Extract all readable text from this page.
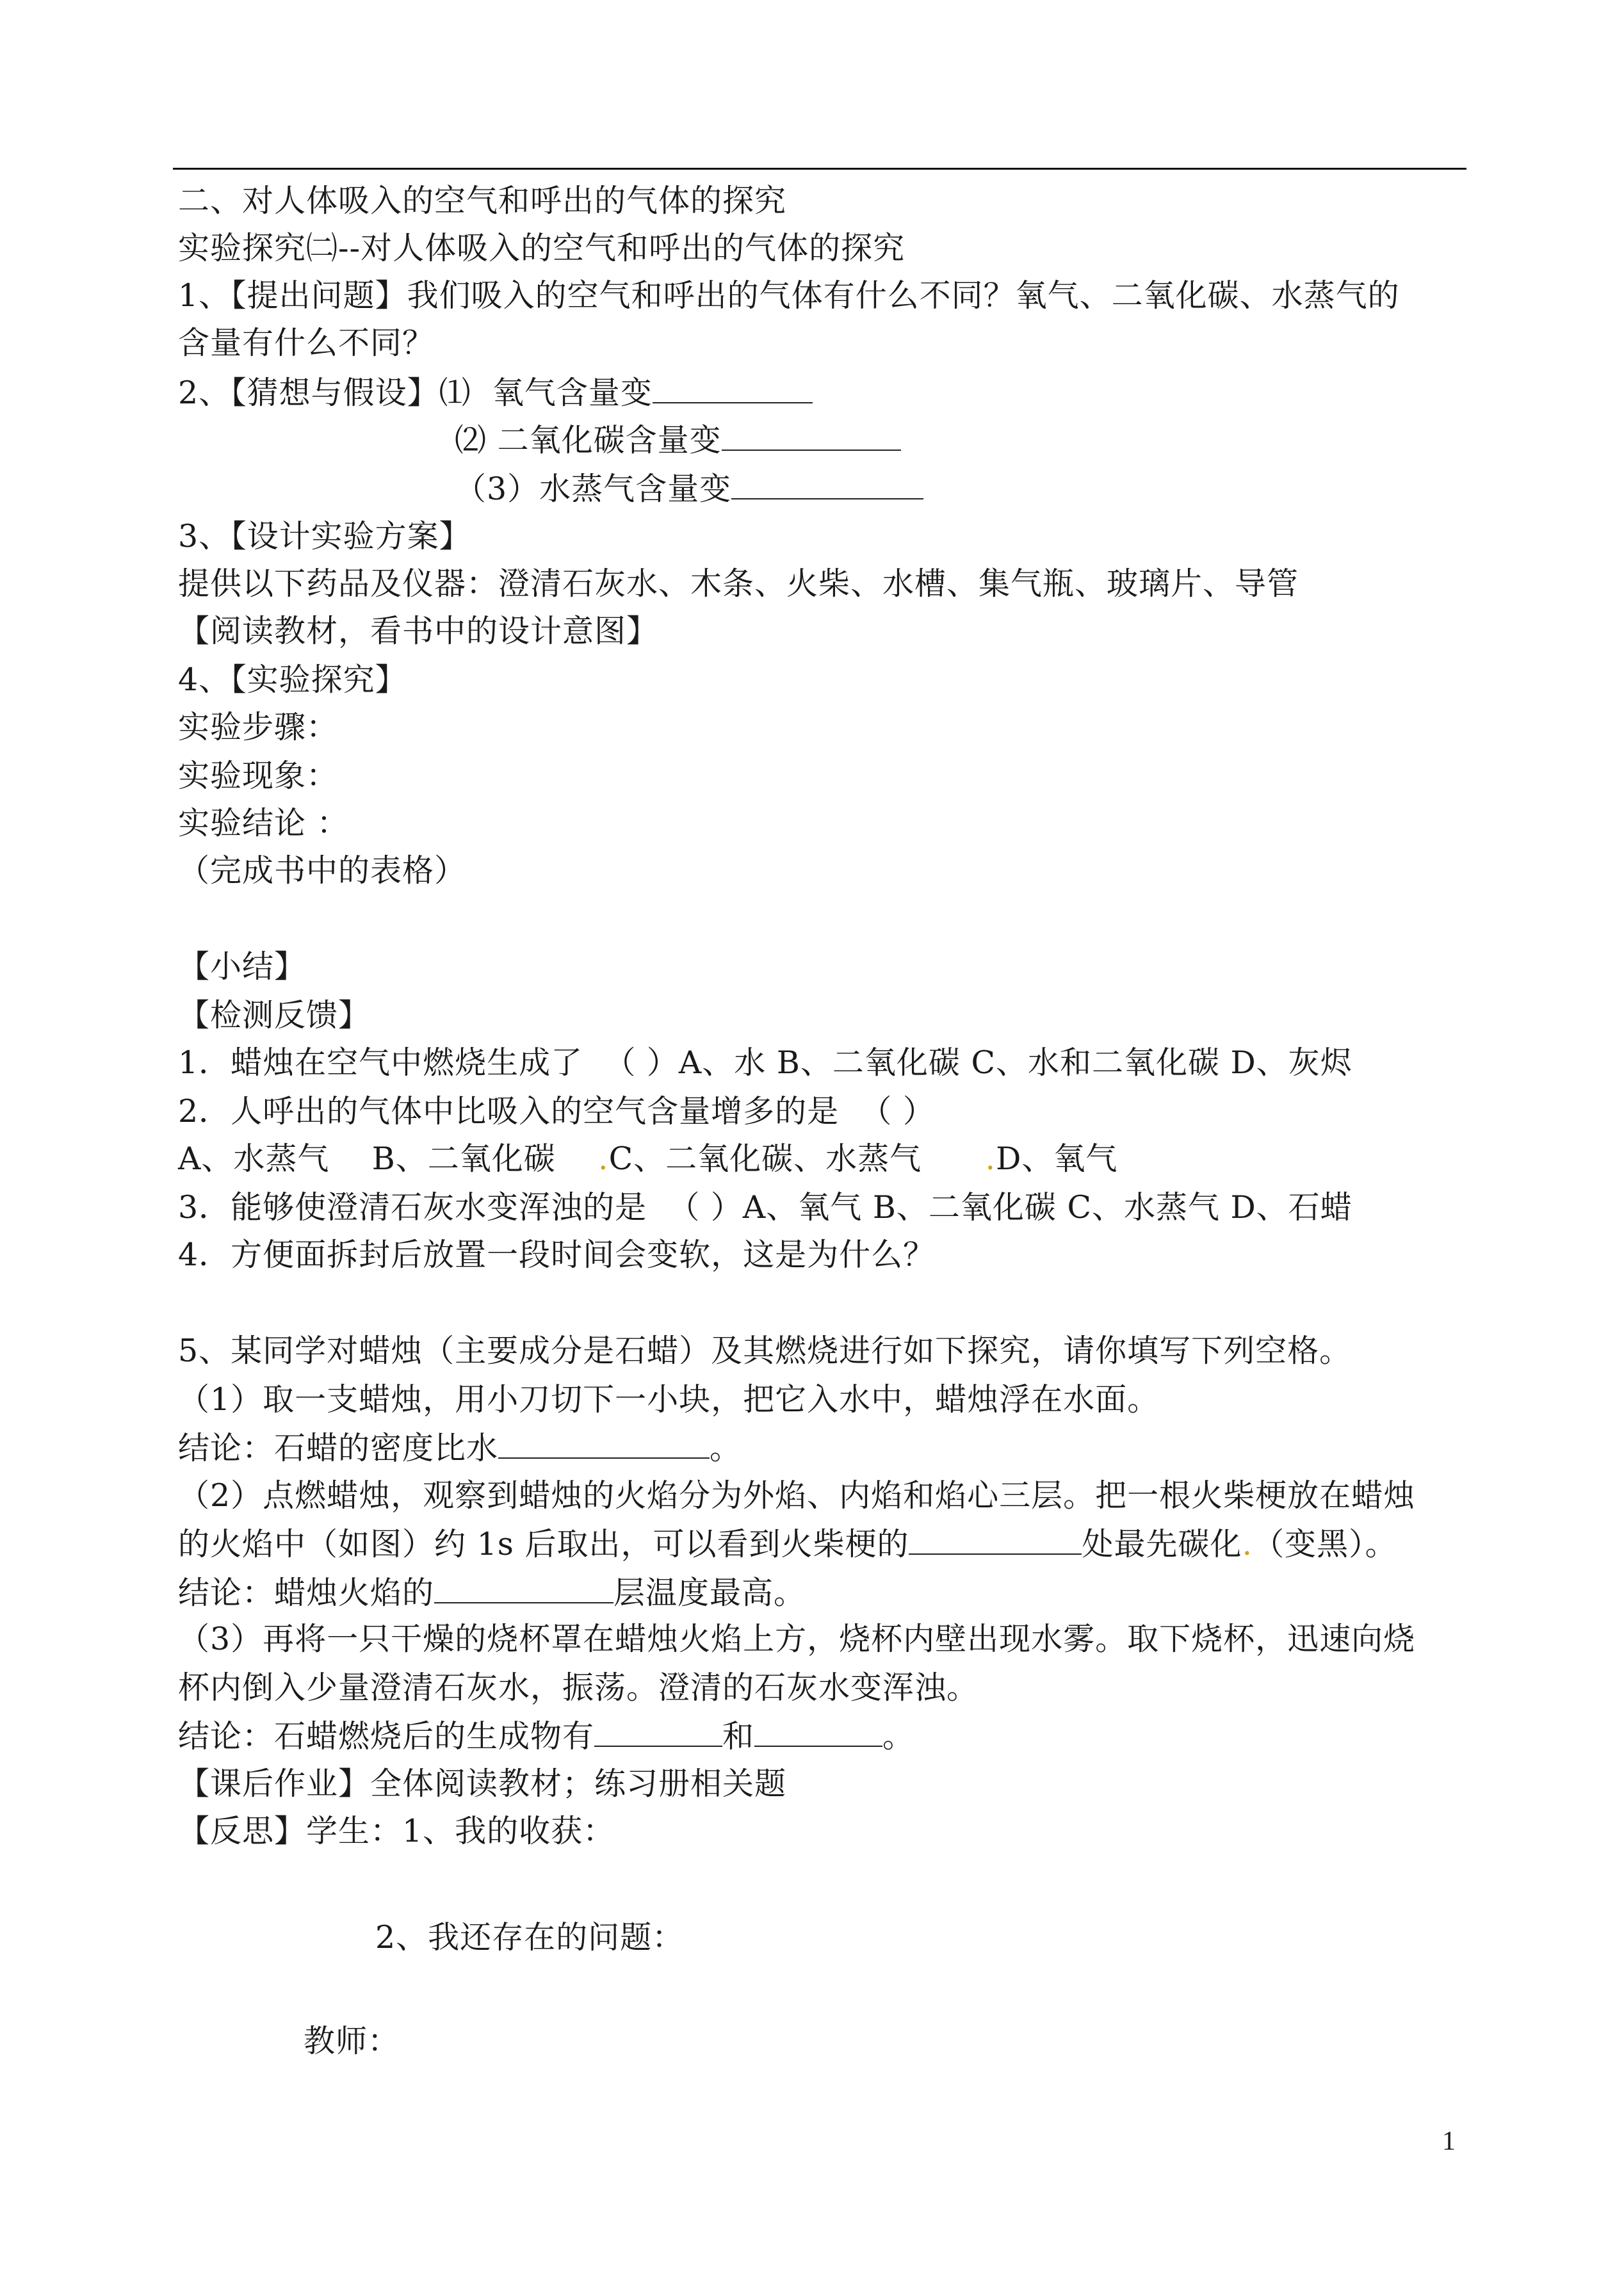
二、对人体吸入的空气和呼出的气体的探究
实验探究㈡--对人体吸入的空气和呼出的气体的探究
1、【提出问题】我们吸入的空气和呼出的气体有什么不同？氧气、二氧化碳、水蒸气的
含量有什么不同？
2、【猜想与假设】⑴  氧气含量变
⑵ 二氧化碳含量变
（3）水蒸气含量变
3、【设计实验方案】
提供以下药品及仪器：澄清石灰水、木条、火柴、水槽、集气瓶、玻璃片、导管
【阅读教材，看书中的设计意图】
4、【实验探究】
实验步骤：
实验现象：
实验结论 ：
（完成书中的表格）
【小结】
【检测反馈】
1．蜡烛在空气中燃烧生成了  （ ）A、水 B、二氧化碳 C、水和二氧化碳 D、灰烬
2．人呼出的气体中比吸入的空气含量增多的是  （ ）
A、水蒸气    B、二氧化碳    .C、二氧化碳、水蒸气      .D、氧气
3．能够使澄清石灰水变浑浊的是  （ ）A、氧气 B、二氧化碳 C、水蒸气 D、石蜡
4．方便面拆封后放置一段时间会变软，这是为什么？
5、某同学对蜡烛（主要成分是石蜡）及其燃烧进行如下探究，请你填写下列空格。
（1）取一支蜡烛，用小刀切下一小块，把它入水中，蜡烛浮在水面。
结论：石蜡的密度比水	。
（2）点燃蜡烛，观察到蜡烛的火焰分为外焰、内焰和焰心三层。把一根火柴梗放在蜡烛
的火焰中（如图）约 1s 后取出，可以看到火柴梗的	处最先碳化.（变黑）。
结论：蜡烛火焰的	层温度最高。
（3）再将一只干燥的烧杯罩在蜡烛火焰上方，烧杯内壁出现水雾。取下烧杯，迅速向烧
杯内倒入少量澄清石灰水，振荡。澄清的石灰水变浑浊。
结论：石蜡燃烧后的生成物有	和	。
【课后作业】全体阅读教材；练习册相关题
【反思】学生：1、我的收获：
2、我还存在的问题：
教师：
1
